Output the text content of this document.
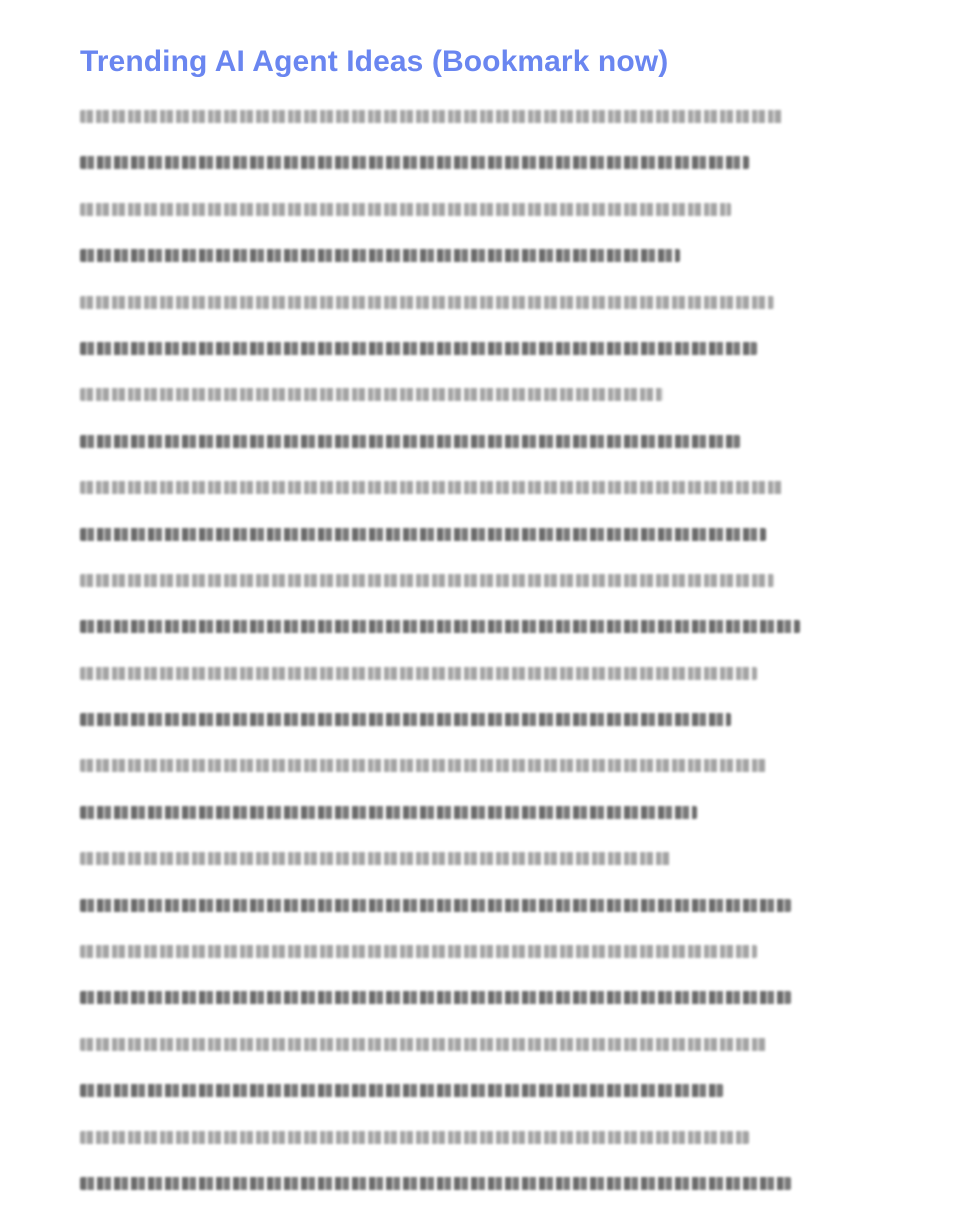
Trending AI Agent Ideas (Bookmark now)
